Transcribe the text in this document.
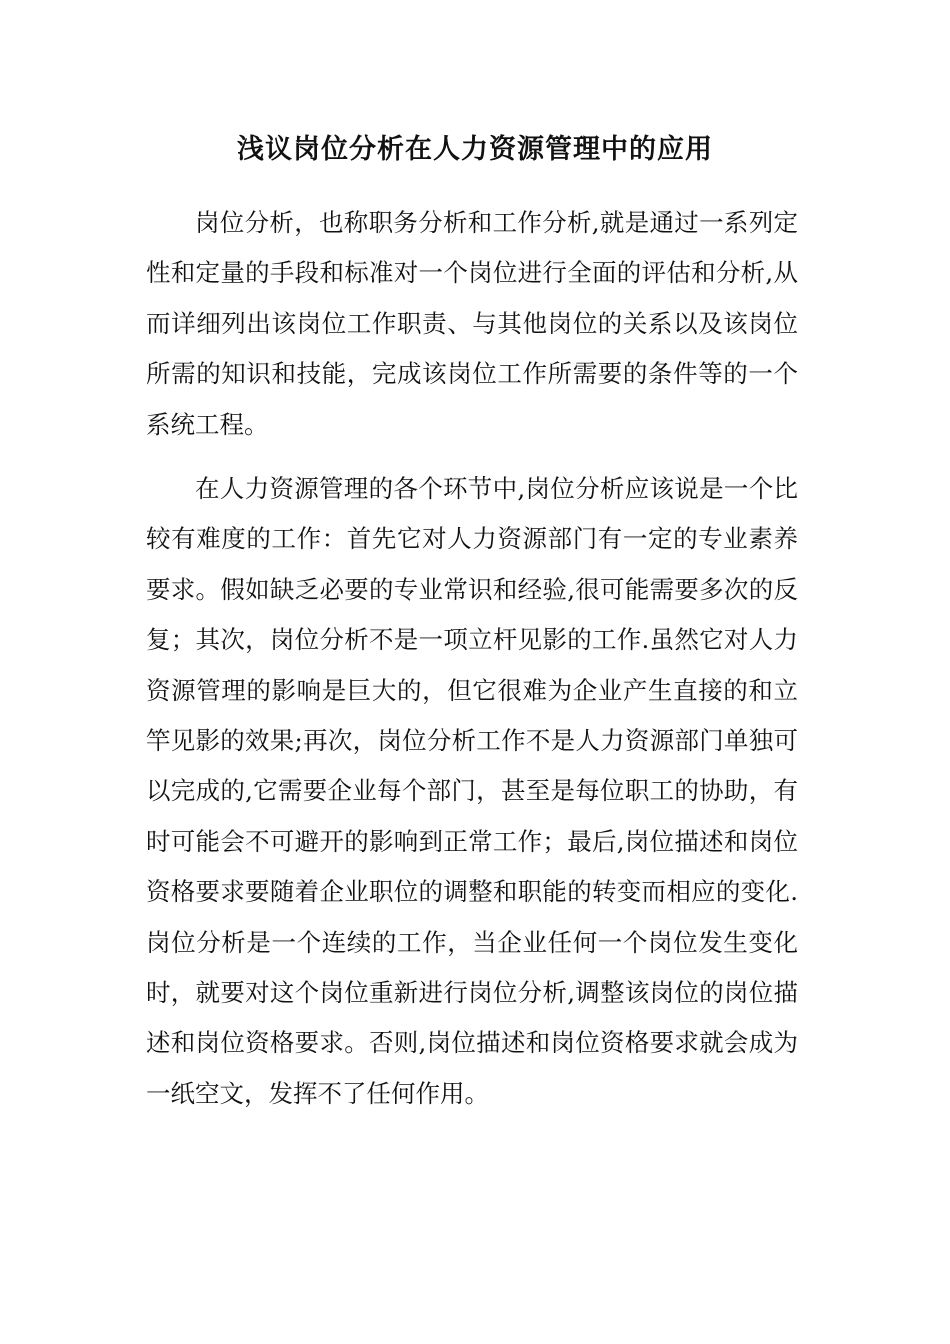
浅议岗位分析在人力资源管理中的应用

岗位分析，也称职务分析和工作分析,就是通过一系列定性和定量的手段和标准对一个岗位进行全面的评估和分析,从而详细列出该岗位工作职责、与其他岗位的关系以及该岗位所需的知识和技能，完成该岗位工作所需要的条件等的一个系统工程。

在人力资源管理的各个环节中,岗位分析应该说是一个比较有难度的工作：首先它对人力资源部门有一定的专业素养要求。假如缺乏必要的专业常识和经验,很可能需要多次的反复；其次，岗位分析不是一项立杆见影的工作.虽然它对人力资源管理的影响是巨大的，但它很难为企业产生直接的和立竿见影的效果;再次，岗位分析工作不是人力资源部门单独可以完成的,它需要企业每个部门，甚至是每位职工的协助，有时可能会不可避开的影响到正常工作；最后,岗位描述和岗位资格要求要随着企业职位的调整和职能的转变而相应的变化.岗位分析是一个连续的工作，当企业任何一个岗位发生变化时，就要对这个岗位重新进行岗位分析,调整该岗位的岗位描述和岗位资格要求。否则,岗位描述和岗位资格要求就会成为一纸空文，发挥不了任何作用。
